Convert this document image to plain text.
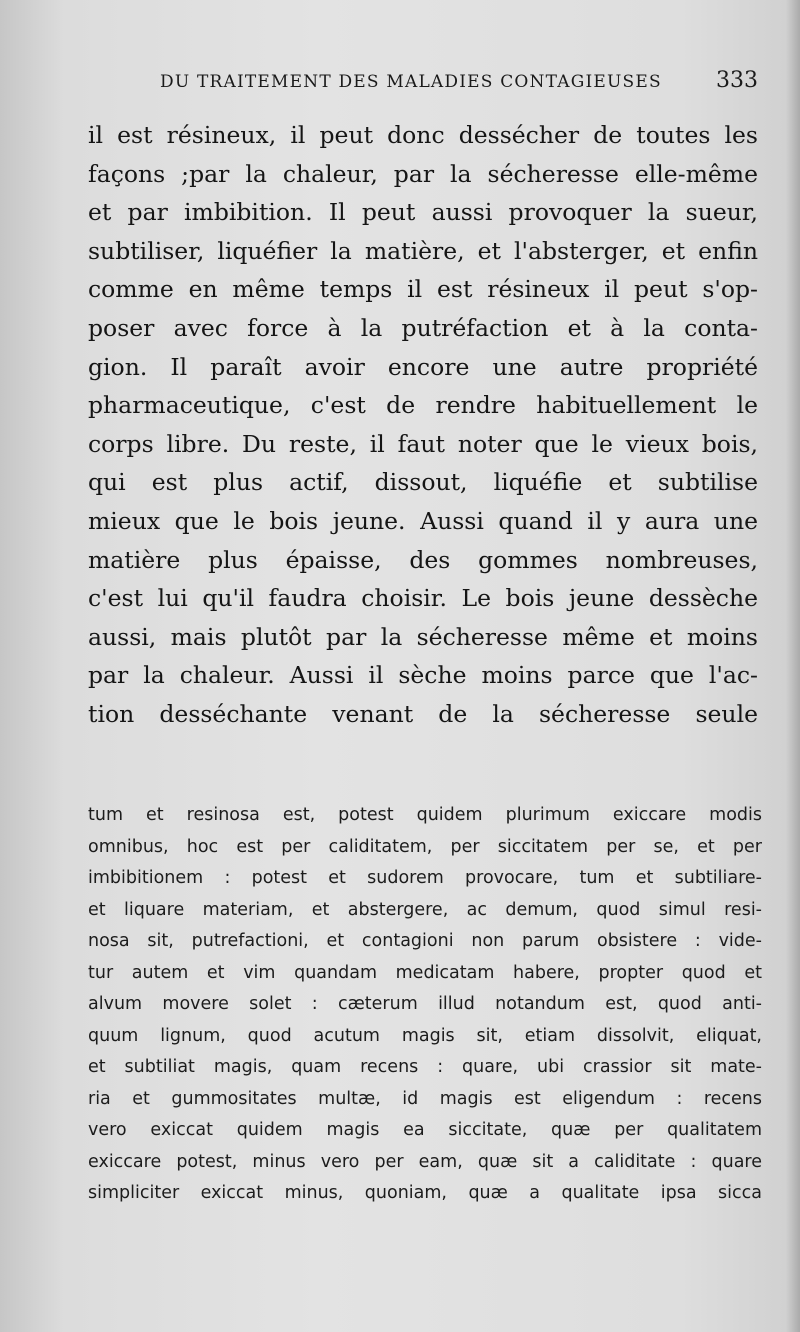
DU TRAITEMENT DES MALADIES CONTAGIEUSES 333
il est résineux, il peut donc dessécher de toutes les
façons ;par la chaleur, par la sécheresse elle-même
et par imbibition. Il peut aussi provoquer la sueur,
subtiliser, liquéfier la matière, et l'absterger, et enfin
comme en même temps il est résineux il peut s'op-
poser avec force à la putréfaction et à la conta-
gion. Il paraît avoir encore une autre propriété
pharmaceutique, c'est de rendre habituellement le
corps libre. Du reste, il faut noter que le vieux bois,
qui est plus actif, dissout, liquéfie et subtilise
mieux que le bois jeune. Aussi quand il y aura une
matière plus épaisse, des gommes nombreuses,
c'est lui qu'il faudra choisir. Le bois jeune dessèche
aussi, mais plutôt par la sécheresse même et moins
par la chaleur. Aussi il sèche moins parce que l'ac-
tion desséchante venant de la sécheresse seule
tum et resinosa est, potest quidem plurimum exiccare modis
omnibus, hoc est per caliditatem, per siccitatem per se, et per
imbibitionem : potest et sudorem provocare, tum et subtiliare-
et liquare materiam, et abstergere, ac demum, quod simul resi-
nosa sit, putrefactioni, et contagioni non parum obsistere : vide-
tur autem et vim quandam medicatam habere, propter quod et
alvum movere solet : cæterum illud notandum est, quod anti-
quum lignum, quod acutum magis sit, etiam dissolvit, eliquat,
et subtiliat magis, quam recens : quare, ubi crassior sit mate-
ria et gummositates multæ, id magis est eligendum : recens
vero exiccat quidem magis ea siccitate, quæ per qualitatem
exiccare potest, minus vero per eam, quæ sit a caliditate : quare
simpliciter exiccat minus, quoniam, quæ a qualitate ipsa sicca
